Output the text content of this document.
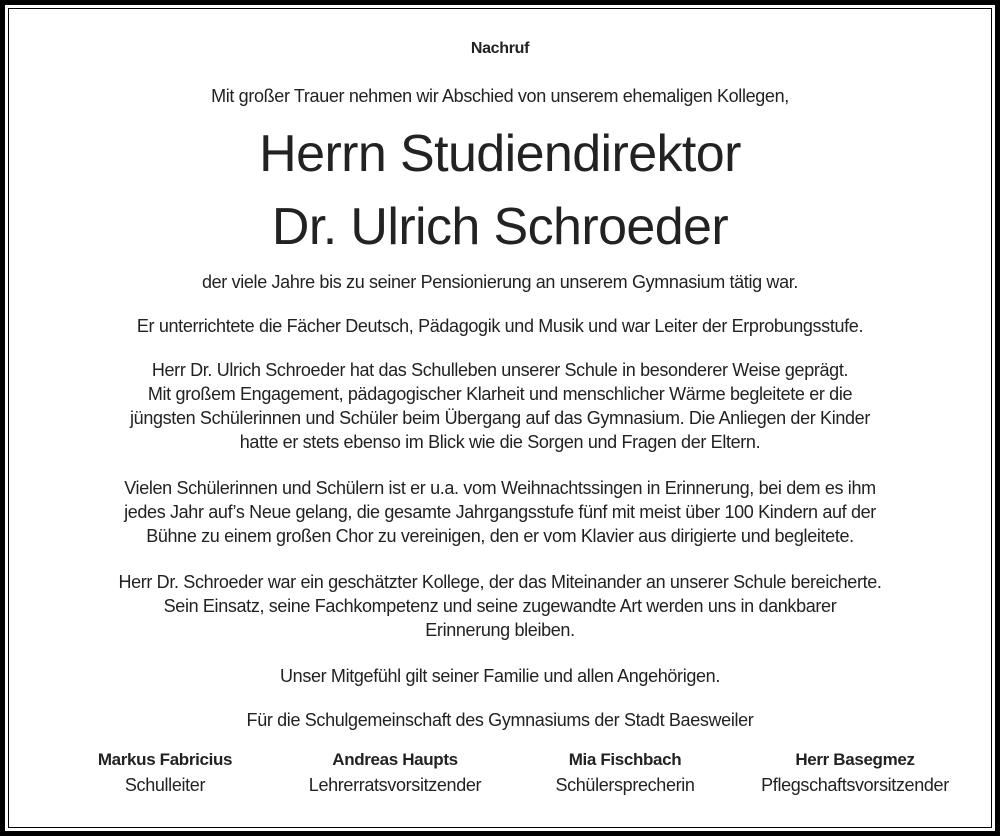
Nachruf
Mit großer Trauer nehmen wir Abschied von unserem ehemaligen Kollegen,
Herrn Studiendirektor
Dr. Ulrich Schroeder
der viele Jahre bis zu seiner Pensionierung an unserem Gymnasium tätig war.
Er unterrichtete die Fächer Deutsch, Pädagogik und Musik und war Leiter der Erprobungsstufe.
Herr Dr. Ulrich Schroeder hat das Schulleben unserer Schule in besonderer Weise geprägt.
Mit großem Engagement, pädagogischer Klarheit und menschlicher Wärme begleitete er die
jüngsten Schülerinnen und Schüler beim Übergang auf das Gymnasium. Die Anliegen der Kinder
hatte er stets ebenso im Blick wie die Sorgen und Fragen der Eltern.
Vielen Schülerinnen und Schülern ist er u.a. vom Weihnachtssingen in Erinnerung, bei dem es ihm
jedes Jahr auf’s Neue gelang, die gesamte Jahrgangsstufe fünf mit meist über 100 Kindern auf der
Bühne zu einem großen Chor zu vereinigen, den er vom Klavier aus dirigierte und begleitete.
Herr Dr. Schroeder war ein geschätzter Kollege, der das Miteinander an unserer Schule bereicherte.
Sein Einsatz, seine Fachkompetenz und seine zugewandte Art werden uns in dankbarer
Erinnerung bleiben.
Unser Mitgefühl gilt seiner Familie und allen Angehörigen.
Für die Schulgemeinschaft des Gymnasiums der Stadt Baesweiler
Markus Fabricius
Schulleiter
Andreas Haupts
Lehrerratsvorsitzender
Mia Fischbach
Schülersprecherin
Herr Basegmez
Pflegschaftsvorsitzender
